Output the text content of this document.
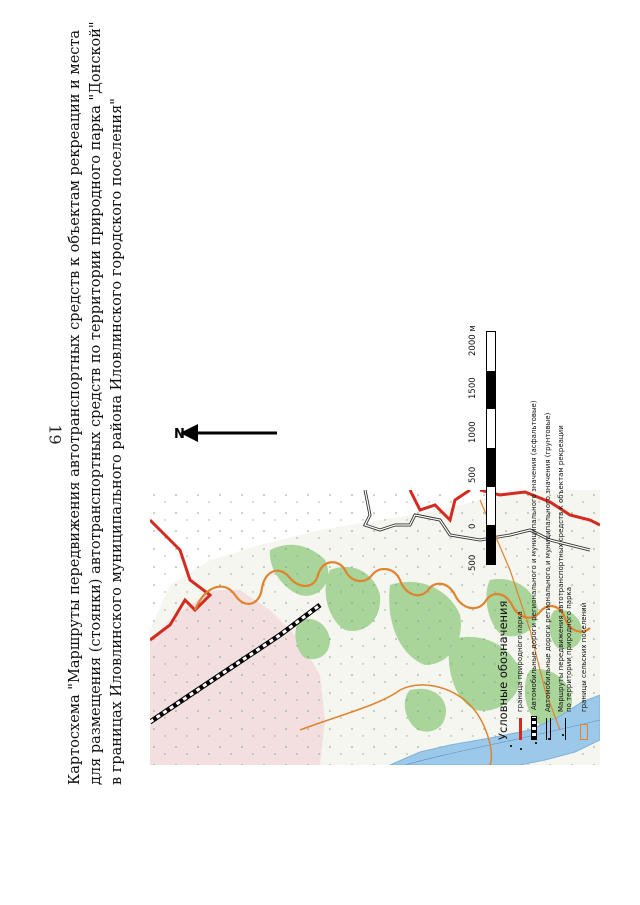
19 Картосхема "Маршруты передвижения автотранспортных средств к объектам рекреации и места для размещения (стоянки) автотранспортных средств по территории природного парка "Донской" в границах Иловлинского муниципального района Иловлинского городского поселения"	N
500
0
500
1000
1500
2000 м
Условные обозначения граница природного парка Автомобильные дороги регионального и муниципального значения (асфальтовые) Автомобильные дороги регионального и муниципального значения (грунтовые) Маршруты передвижения автотранспортных средств к объектам рекреации по территории природного парка границы сельских поселений
